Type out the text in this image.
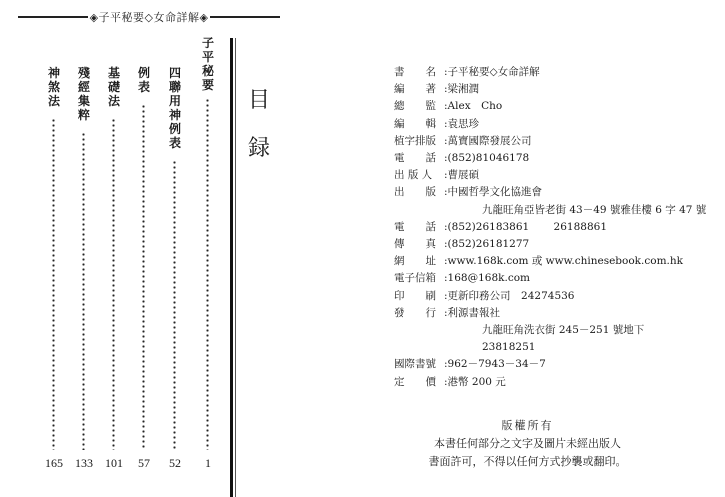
◈子平秘要◇女命詳解◈
目
録
子
平
秘
要
1
四
聯
用
神
例
表
52
例
表
57
基
礎
法
101
殘
經
集
粹
133
神
煞
法
165
書　　名 : 子平秘要◇女命詳解
編　　著 : 梁湘潤
總　　監 : Alex　Cho
編　　輯 : 袁思珍
植字排版 : 萬寶國際發展公司
電　　話 : (852)81046178
出 版 人	: 曹展碩
出　　版 : 中國哲學文化協進會
九龍旺角亞皆老街 43－49 號雅佳樓 6 字 47 號
電　　話 : (852)26183861　　 26188861
傳　　真 : (852)26181277
網　　址 : www.168k.com 或 www.chinesebook.com.hk
電子信箱 : 168@168k.com
印　　刷 : 更新印務公司　24274536
發　　行 : 利源書報社
九龍旺角洗衣街 245－251 號地下
23818251
國際書號 : 962－7943－34－7
定　　價 : 港幣 200 元
版權所有
本書任何部分之文字及圖片未經出版人
書面許可，不得以任何方式抄襲或翻印。
